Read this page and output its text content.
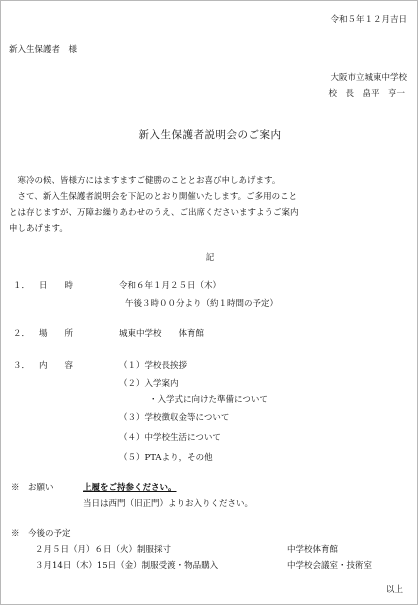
令和５年１２月吉日
新入生保護者　様
大阪市立城東中学校
校　長　畠平　亨一
新入生保護者説明会のご案内
　寒冷の候、皆様方にはますますご健勝のこととお喜び申しあげます。
　さて、新入生保護者説明会を下記のとおり開催いたします。ご多用のこと
とは存じますが、万障お繰りあわせのうえ、ご出席くださいますようご案内
申しあげます。
記
１． 日　　時	令和６年１月２５日（木）
午後３時００分より（約１時間の予定）
２． 場　　所	城東中学校　　体育館
３． 内　　容	（１）学校長挨拶
（２）入学案内
・入学式に向けた準備について
（３）学校徴収金等について
（４）中学校生活について
（５）PTAより，その他
※　お願い	上履をご持参ください。
当日は西門（旧正門）よりお入りください。
※　今後の予定
２月５日（月）６日（火）制服採寸	中学校体育館
３月14日（木）15日（金）制服受渡・物品購入	中学校会議室・技術室
以上
